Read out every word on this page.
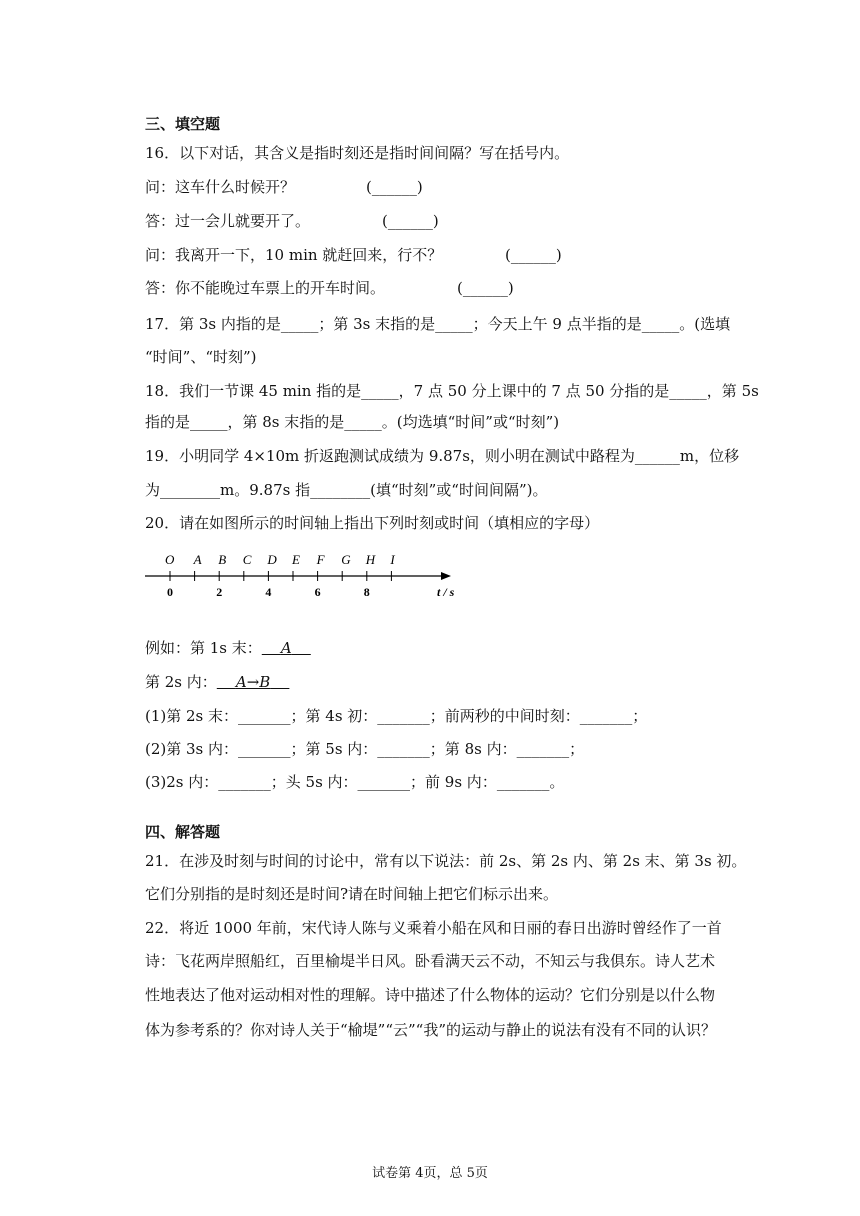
三、填空题
16．以下对话，其含义是指时刻还是指时间间隔？写在括号内。
问：这车什么时候开？	(______)
答：过一会儿就要开了。	(______)
问：我离开一下，10 min 就赶回来，行不？	(______)
答：你不能晚过车票上的开车时间。	(______)
17．第 3s 内指的是_____；第 3s 末指的是_____；今天上午 9 点半指的是_____。(选填
“时间”、“时刻”)
18．我们一节课 45 min 指的是_____，7 点 50 分上课中的 7 点 50 分指的是_____，第 5s
指的是_____，第 8s 末指的是_____。(均选填“时间”或“时刻”)
19．小明同学 4×10m 折返跑测试成绩为 9.87s，则小明在测试中路程为______m，位移
为________m。9.87s 指________(填“时刻”或“时间间隔”)。
20．请在如图所示的时间轴上指出下列时刻或时间（填相应的字母）
O A B C D E F G H I
0	2	4	6	8	t / s
例如：第 1s 末： A
第 2s 内： A→B
(1)第 2s 末：_______；第 4s 初：_______；前两秒的中间时刻：_______；
(2)第 3s 内：_______；第 5s 内：_______；第 8s 内：_______；
(3)2s 内：_______；头 5s 内：_______；前 9s 内：_______。
四、解答题
21．在涉及时刻与时间的讨论中，常有以下说法：前 2s、第 2s 内、第 2s 末、第 3s 初。
它们分别指的是时刻还是时间?请在时间轴上把它们标示出来。
22．将近 1000 年前，宋代诗人陈与义乘着小船在风和日丽的春日出游时曾经作了一首
诗：飞花两岸照船红，百里榆堤半日风。卧看满天云不动，不知云与我俱东。诗人艺术
性地表达了他对运动相对性的理解。诗中描述了什么物体的运动？它们分别是以什么物
体为参考系的？你对诗人关于“榆堤”“云”“我”的运动与静止的说法有没有不同的认识？
试卷第 4页，总 5页
